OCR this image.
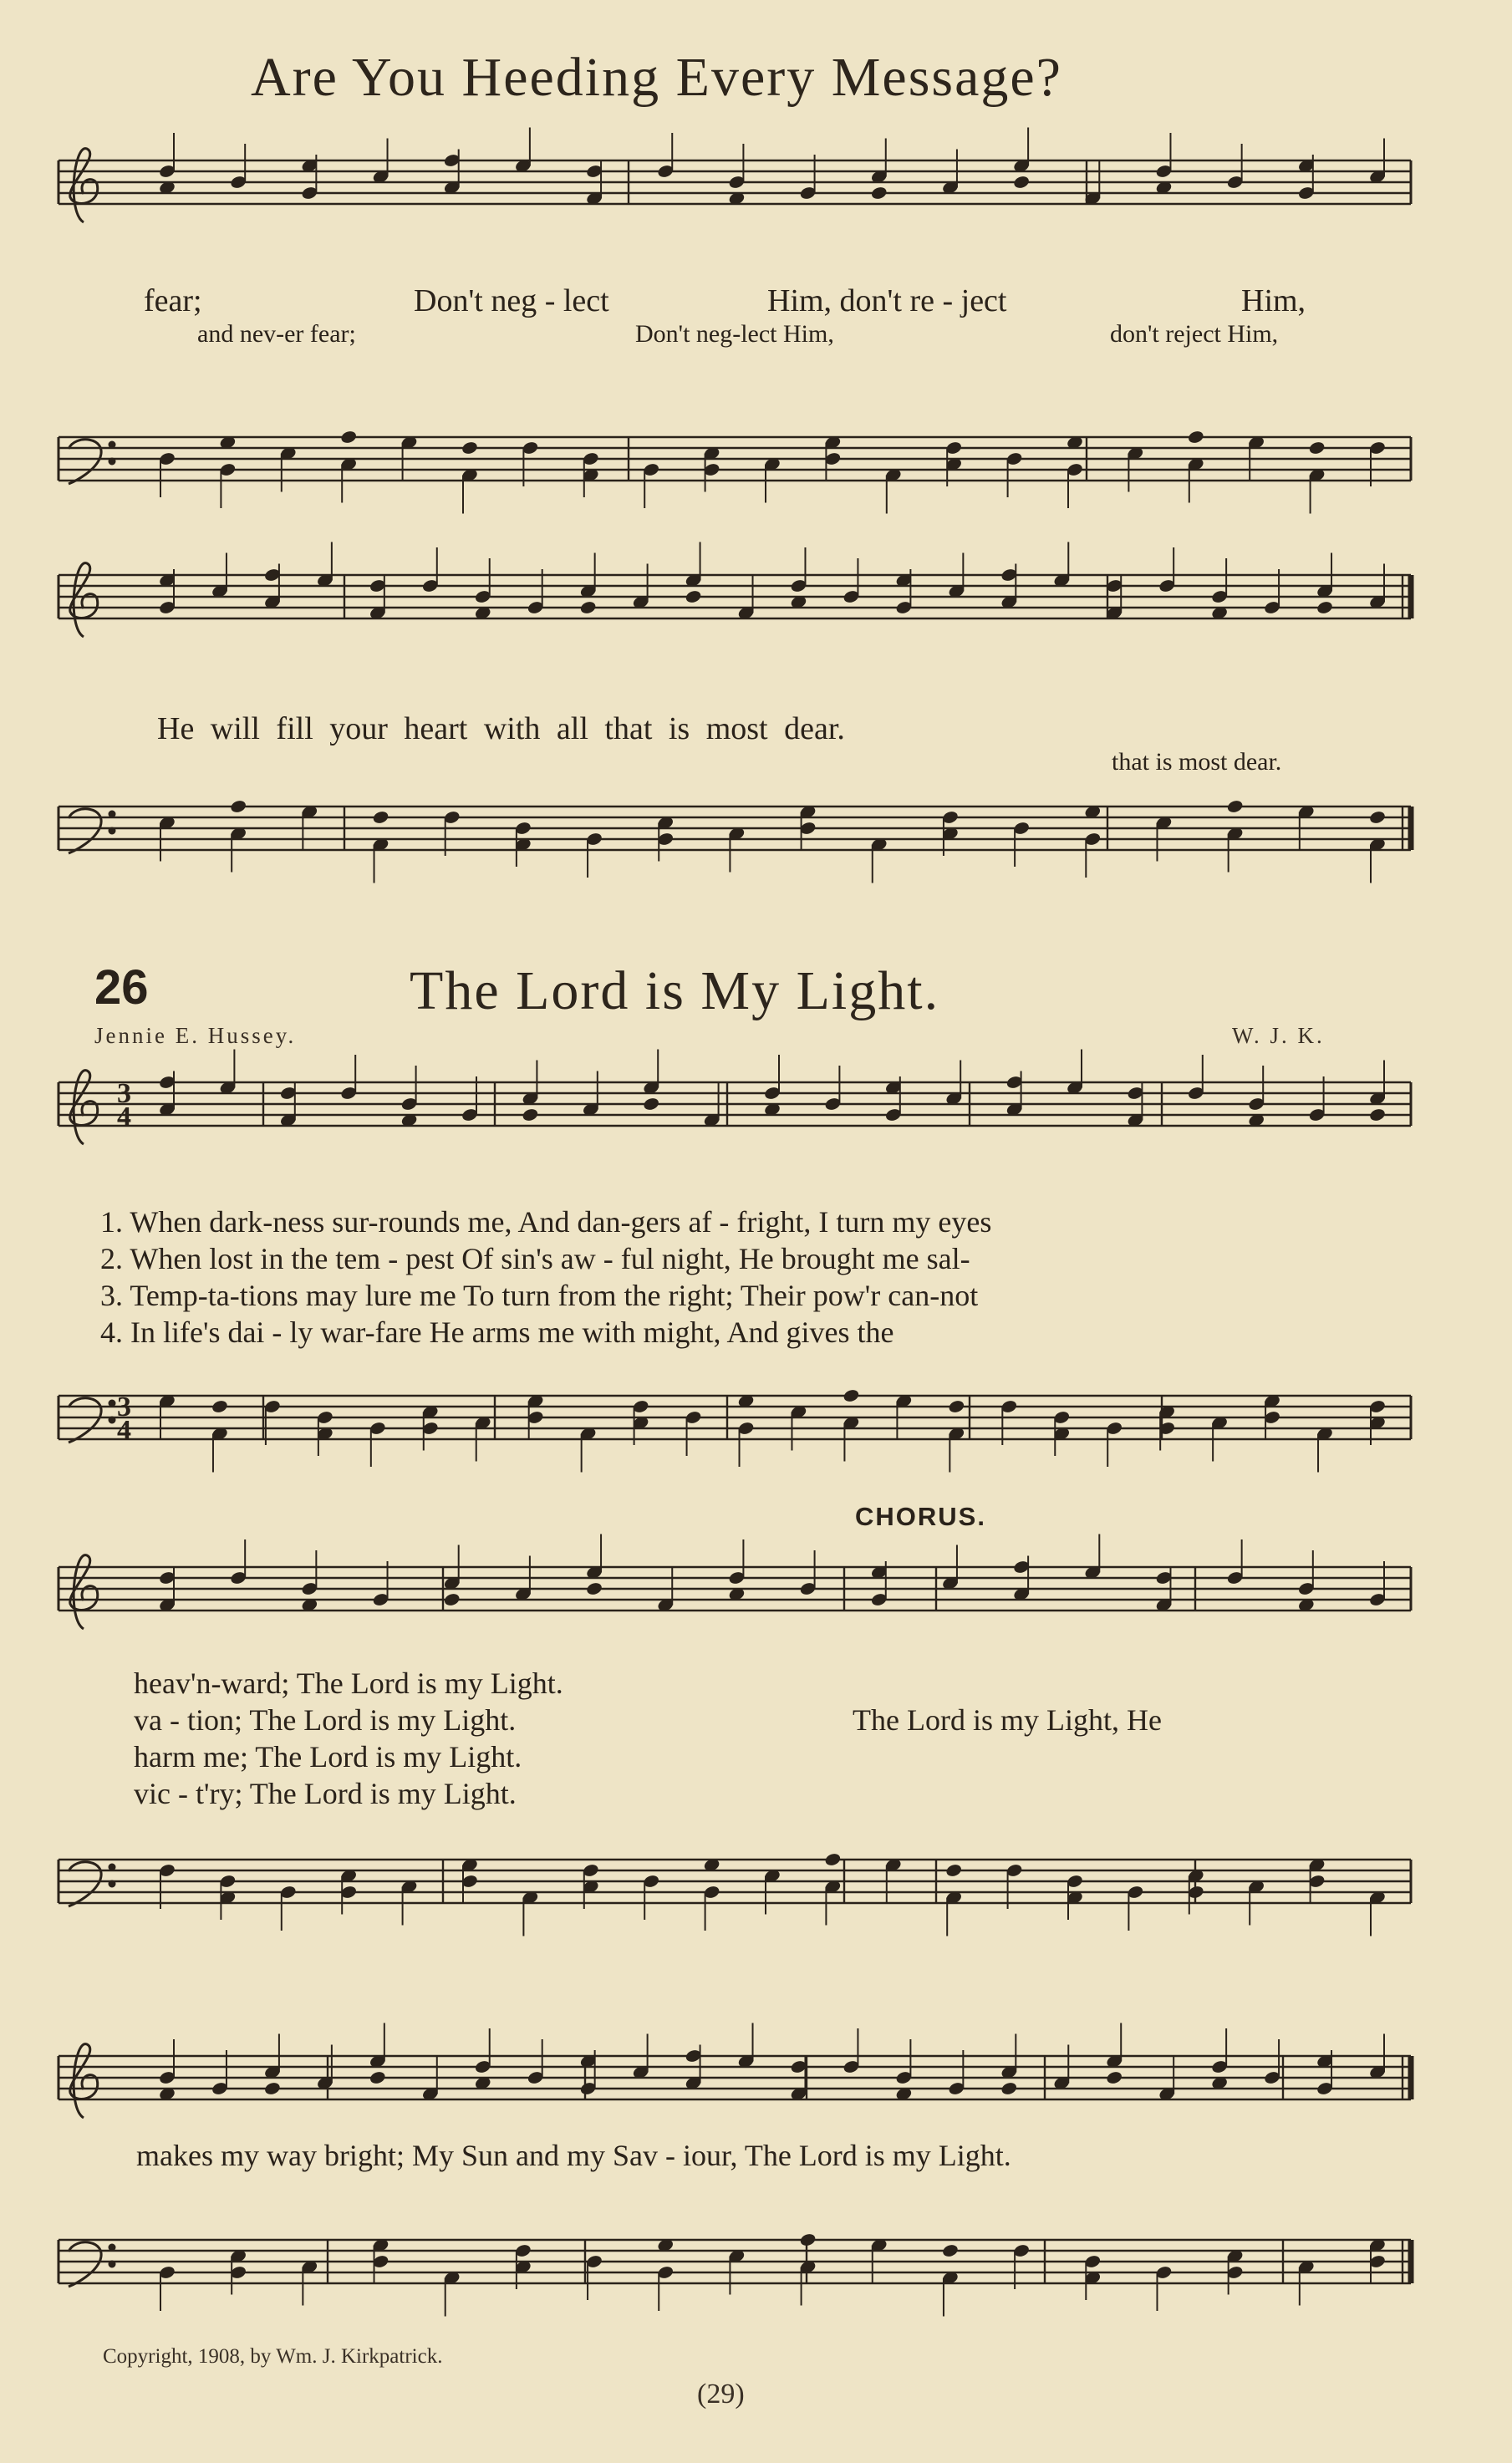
Are You Heeding Every Message?
3
4
3
4
fear;	Don't neg - lect	Him, don't re - ject	Him,
and nev-er fear;	Don't neg-lect Him,	don't reject Him,
He will fill your heart with all that is most dear.
that is most dear.
26	The Lord is My Light.
Jennie E. Hussey.	W. J. K.
1. When dark-ness sur-rounds me, And dan-gers af - fright, I turn my eyes
2. When lost in the tem - pest Of sin's aw - ful night, He brought me sal-
3. Temp-ta-tions may lure me To turn from the right; Their pow'r can-not
4. In life's dai - ly war-fare He arms me with might, And gives the
CHORUS.
heav'n-ward; The Lord is my Light.
va - tion; The Lord is my Light.
harm me; The Lord is my Light.
vic - t'ry; The Lord is my Light.
The Lord is my Light, He
makes my way bright; My Sun and my Sav - iour, The Lord is my Light.
Copyright, 1908, by Wm. J. Kirkpatrick.
(29)
